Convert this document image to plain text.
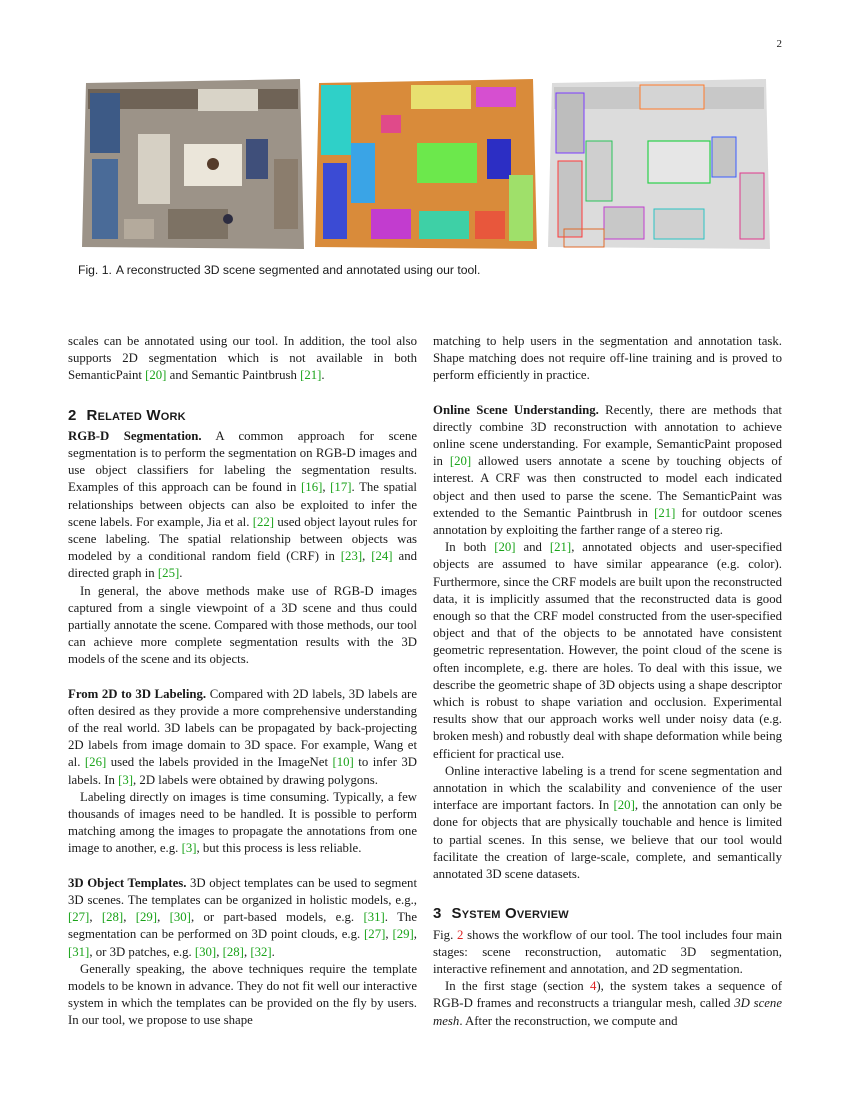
2
Fig. 1. A reconstructed 3D scene segmented and annotated using our tool.

scales can be annotated using our tool. In addition, the tool also supports 2D segmentation which is not available in both SemanticPaint [20] and Semantic Paintbrush [21].

2 Related Work

RGB-D Segmentation. A common approach for scene segmentation is to perform the segmentation on RGB-D images and use object classifiers for labeling the segmentation results. Examples of this approach can be found in [16], [17]. The spatial relationships between objects can also be exploited to infer the scene labels. For example, Jia et al. [22] used object layout rules for scene labeling. The spatial relationship between objects was modeled by a conditional random field (CRF) in [23], [24] and directed graph in [25].

In general, the above methods make use of RGB-D images captured from a single viewpoint of a 3D scene and thus could partially annotate the scene. Compared with those methods, our tool can achieve more complete segmentation results with the 3D models of the scene and its objects.

From 2D to 3D Labeling. Compared with 2D labels, 3D labels are often desired as they provide a more comprehensive understanding of the real world. 3D labels can be propagated by back-projecting 2D labels from image domain to 3D space. For example, Wang et al. [26] used the labels provided in the ImageNet [10] to infer 3D labels. In [3], 2D labels were obtained by drawing polygons.

Labeling directly on images is time consuming. Typically, a few thousands of images need to be handled. It is possible to perform matching among the images to propagate the annotations from one image to another, e.g. [3], but this process is less reliable.

3D Object Templates. 3D object templates can be used to segment 3D scenes. The templates can be organized in holistic models, e.g., [27], [28], [29], [30], or part-based models, e.g. [31]. The segmentation can be performed on 3D point clouds, e.g. [27], [29], [31], or 3D patches, e.g. [30], [28], [32].

Generally speaking, the above techniques require the template models to be known in advance. They do not fit well our interactive system in which the templates can be provided on the fly by users. In our tool, we propose to use shape

matching to help users in the segmentation and annotation task. Shape matching does not require off-line training and is proved to perform efficiently in practice.

Online Scene Understanding. Recently, there are methods that directly combine 3D reconstruction with annotation to achieve online scene understanding. For example, SemanticPaint proposed in [20] allowed users annotate a scene by touching objects of interest. A CRF was then constructed to model each indicated object and then used to parse the scene. The SemanticPaint was extended to the Semantic Paintbrush in [21] for outdoor scenes annotation by exploiting the farther range of a stereo rig.

In both [20] and [21], annotated objects and user-specified objects are assumed to have similar appearance (e.g. color). Furthermore, since the CRF models are built upon the reconstructed data, it is implicitly assumed that the reconstructed data is good enough so that the CRF model constructed from the user-specified object and that of the objects to be annotated have consistent geometric representation. However, the point cloud of the scene is often incomplete, e.g. there are holes. To deal with this issue, we describe the geometric shape of 3D objects using a shape descriptor which is robust to shape variation and occlusion. Experimental results show that our approach works well under noisy data (e.g. broken mesh) and robustly deal with shape deformation while being efficient for practical use.

Online interactive labeling is a trend for scene segmentation and annotation in which the scalability and convenience of the user interface are important factors. In [20], the annotation can only be done for objects that are physically touchable and hence is limited to partial scenes. In this sense, we believe that our tool would facilitate the creation of large-scale, complete, and semantically annotated 3D scene datasets.

3 System Overview

Fig. 2 shows the workflow of our tool. The tool includes four main stages: scene reconstruction, automatic 3D segmentation, interactive refinement and annotation, and 2D segmentation.

In the first stage (section 4), the system takes a sequence of RGB-D frames and reconstructs a triangular mesh, called 3D scene mesh. After the reconstruction, we compute and
